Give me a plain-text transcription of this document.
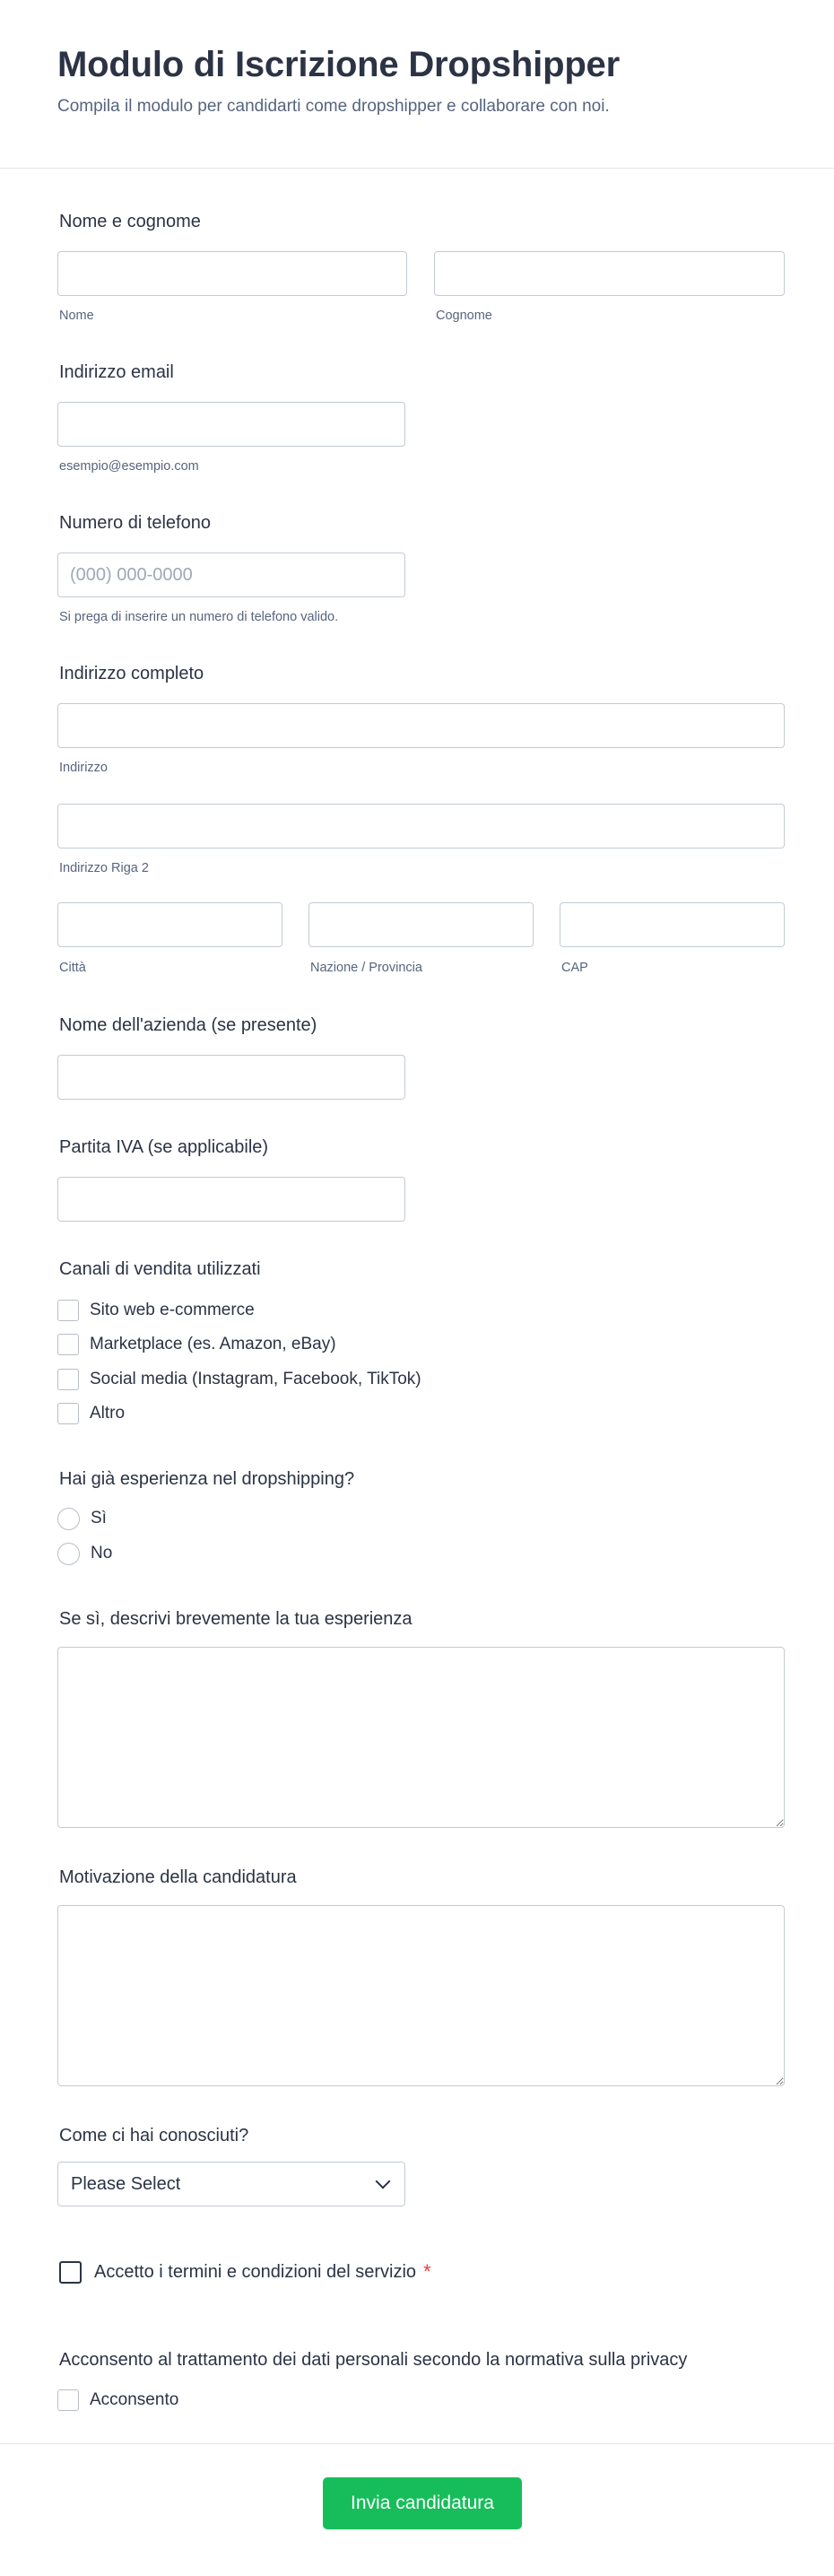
Modulo di Iscrizione Dropshipper

Compila il modulo per candidarti come dropshipper e collaborare con noi.

Nome e cognome
Nome	Cognome
Indirizzo email
esempio@esempio.com
Numero di telefono
(000) 000-0000
Si prega di inserire un numero di telefono valido.
Indirizzo completo
Indirizzo
Indirizzo Riga 2
Città	Nazione / Provincia	CAP
Nome dell'azienda (se presente)
Partita IVA (se applicabile)
Canali di vendita utilizzati
Sito web e-commerce
Marketplace (es. Amazon, eBay)
Social media (Instagram, Facebook, TikTok)
Altro
Hai già esperienza nel dropshipping?
Sì
No
Se sì, descrivi brevemente la tua esperienza
Motivazione della candidatura
Come ci hai conosciuti?
Please Select
Accetto i termini e condizioni del servizio *
Acconsento al trattamento dei dati personali secondo la normativa sulla privacy
Acconsento
Invia candidatura
